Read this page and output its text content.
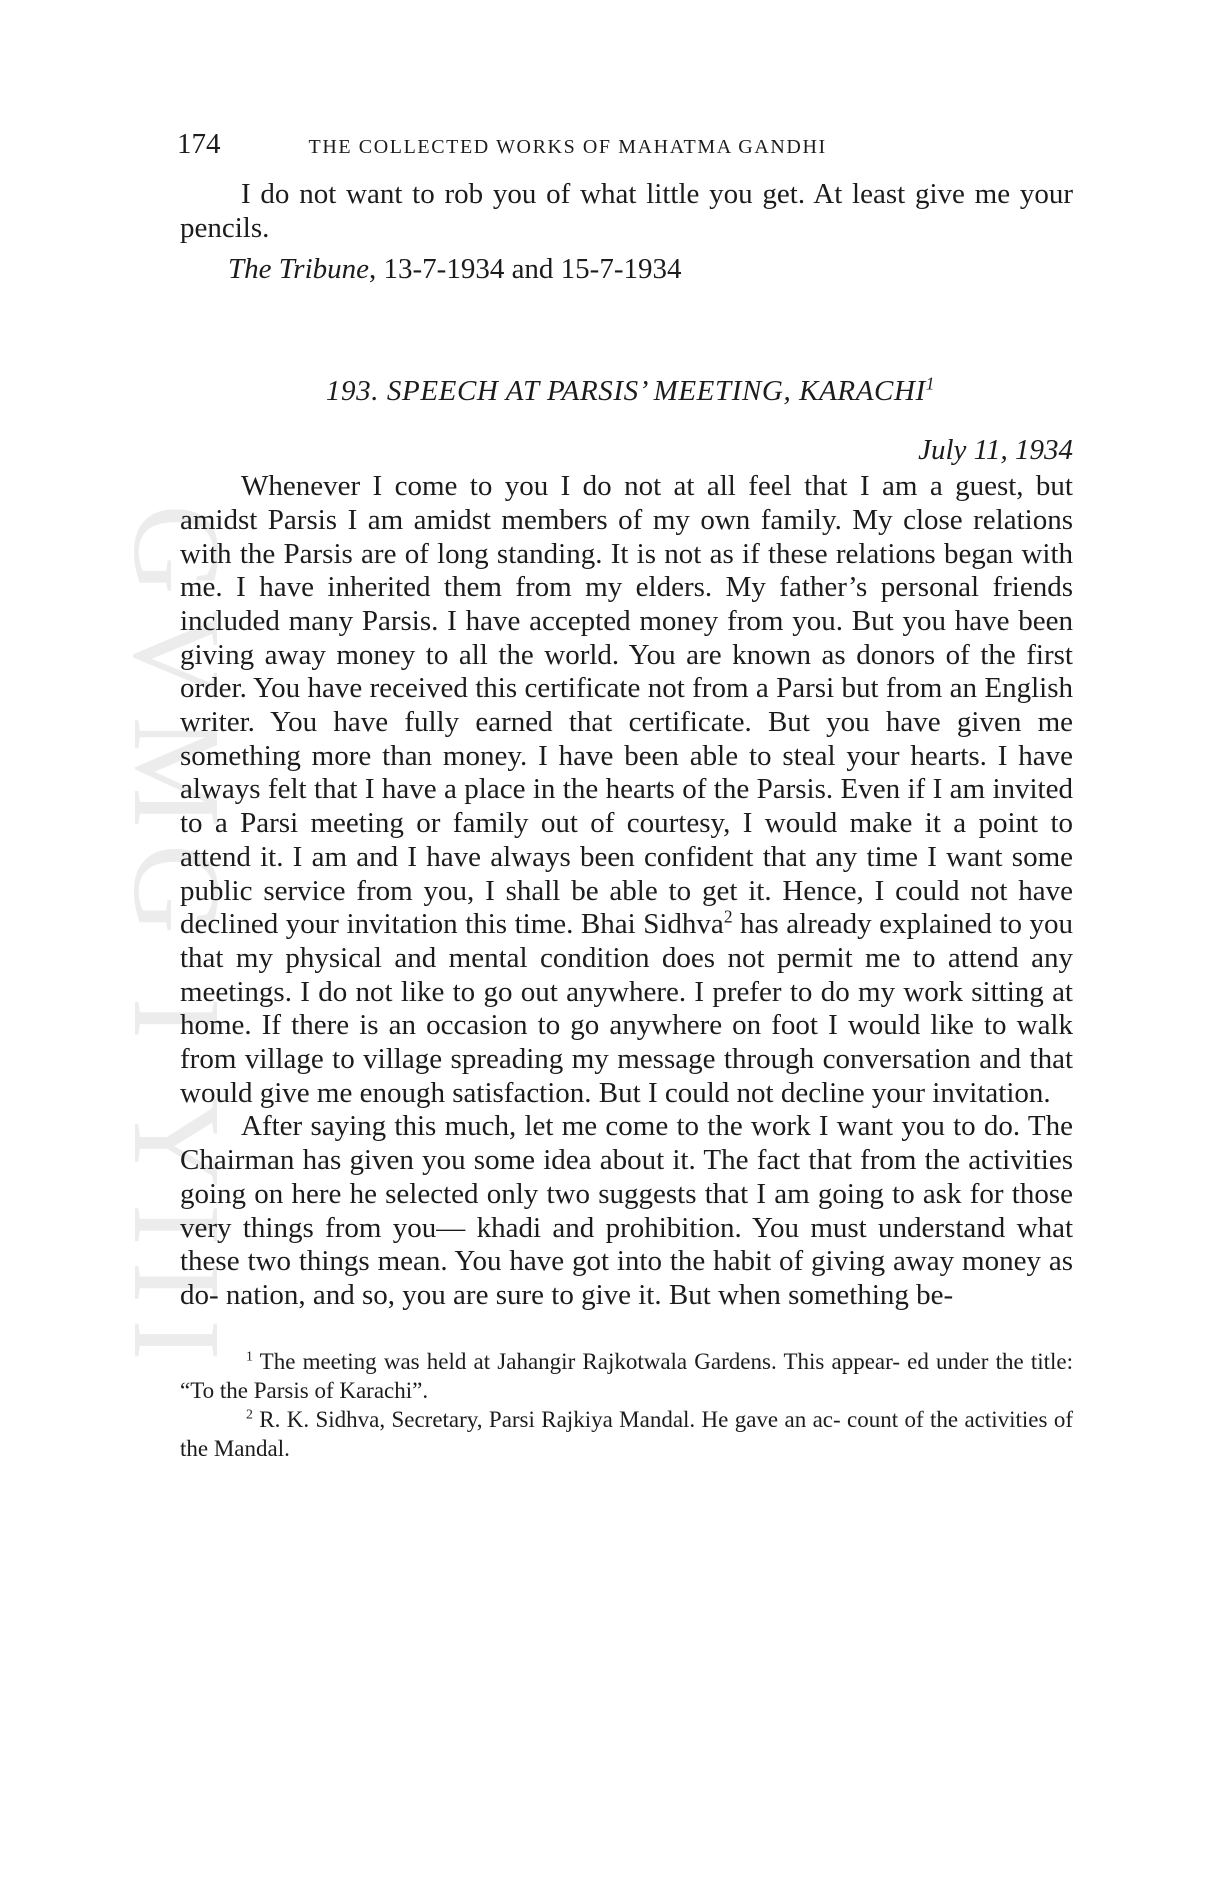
GVMG I YIII
174	THE COLLECTED WORKS OF MAHATMA GANDHI

I do not want to rob you of what little you get. At least give me your pencils.

The Tribune, 13-7-1934 and 15-7-1934

193. SPEECH AT PARSIS’ MEETING, KARACHI$^1$
July 11, 1934

Whenever I come to you I do not at all feel that I am a guest, but amidst Parsis I am amidst members of my own family. My close relations with the Parsis are of long standing. It is not as if these relations began with me. I have inherited them from my elders. My father’s personal friends included many Parsis. I have accepted money from you. But you have been giving away money to all the world. You are known as donors of the first order. You have received this certificate not from a Parsi but from an English writer. You have fully earned that certificate. But you have given me something more than money. I have been able to steal your hearts. I have always felt that I have a place in the hearts of the Parsis. Even if I am invited to a Parsi meeting or family out of courtesy, I would make it a point to attend it. I am and I have always been confident that any time I want some public service from you, I shall be able to get it. Hence, I could not have declined your invitation this time. Bhai Sidhva$^2$ has already explained to you that my physical and mental condition does not permit me to attend any meetings. I do not like to go out anywhere. I prefer to do my work sitting at home. If there is an occasion to go anywhere on foot I would like to walk from village to village spreading my message through conversation and that would give me enough satisfaction. But I could not decline your invitation.

After saying this much, let me come to the work I want you to do. The Chairman has given you some idea about it. The fact that from the activities going on here he selected only two suggests that I am going to ask for those very things from you— khadi and prohibition. You must understand what these two things mean. You have got into the habit of giving away money as do- nation, and so, you are sure to give it. But when something be-

$^1$ The meeting was held at Jahangir Rajkotwala Gardens. This appear- ed under the title: “To the Parsis of Karachi”.

$^2$ R. K. Sidhva, Secretary, Parsi Rajkiya Mandal. He gave an ac- count of the activities of the Mandal.
